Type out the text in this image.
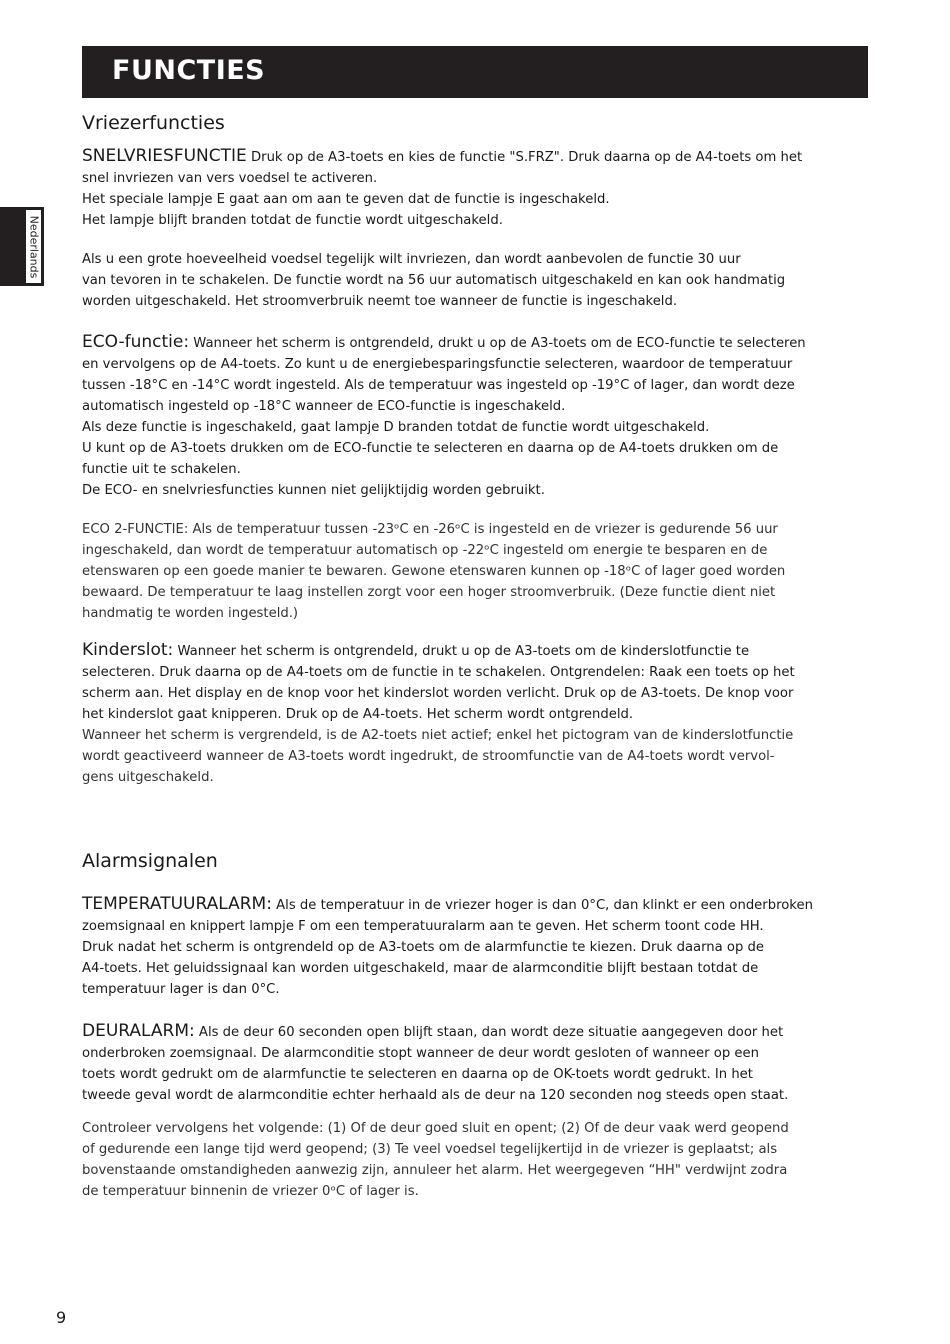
FUNCTIES
Nederlands
Vriezerfuncties

SNELVRIESFUNCTIE Druk op de A3-toets en kies de functie "S.FRZ". Druk daarna op de A4-toets om het

snel invriezen van vers voedsel te activeren.

Het speciale lampje E gaat aan om aan te geven dat de functie is ingeschakeld.

Het lampje blijft branden totdat de functie wordt uitgeschakeld.

Als u een grote hoeveelheid voedsel tegelijk wilt invriezen, dan wordt aanbevolen de functie 30 uur

van tevoren in te schakelen. De functie wordt na 56 uur automatisch uitgeschakeld en kan ook handmatig

worden uitgeschakeld. Het stroomverbruik neemt toe wanneer de functie is ingeschakeld.

ECO-functie: Wanneer het scherm is ontgrendeld, drukt u op de A3-toets om de ECO-functie te selecteren

en vervolgens op de A4-toets. Zo kunt u de energiebesparingsfunctie selecteren, waardoor de temperatuur

tussen -18°C en -14°C wordt ingesteld. Als de temperatuur was ingesteld op -19°C of lager, dan wordt deze

automatisch ingesteld op -18°C wanneer de ECO-functie is ingeschakeld.

Als deze functie is ingeschakeld, gaat lampje D branden totdat de functie wordt uitgeschakeld.

U kunt op de A3-toets drukken om de ECO-functie te selecteren en daarna op de A4-toets drukken om de

functie uit te schakelen.

De ECO- en snelvriesfuncties kunnen niet gelijktijdig worden gebruikt.

ECO 2-FUNCTIE: Als de temperatuur tussen -23ᵒC en -26ᵒC is ingesteld en de vriezer is gedurende 56 uur

ingeschakeld, dan wordt de temperatuur automatisch op -22ᵒC ingesteld om energie te besparen en de

etenswaren op een goede manier te bewaren. Gewone etenswaren kunnen op -18ᵒC of lager goed worden

bewaard. De temperatuur te laag instellen zorgt voor een hoger stroomverbruik. (Deze functie dient niet

handmatig te worden ingesteld.)

Kinderslot: Wanneer het scherm is ontgrendeld, drukt u op de A3-toets om de kinderslotfunctie te

selecteren. Druk daarna op de A4-toets om de functie in te schakelen. Ontgrendelen: Raak een toets op het

scherm aan. Het display en de knop voor het kinderslot worden verlicht. Druk op de A3-toets. De knop voor

het kinderslot gaat knipperen. Druk op de A4-toets. Het scherm wordt ontgrendeld.

Wanneer het scherm is vergrendeld, is de A2-toets niet actief; enkel het pictogram van de kinderslotfunctie

wordt geactiveerd wanneer de A3-toets wordt ingedrukt, de stroomfunctie van de A4-toets wordt vervol-

gens uitgeschakeld.

Alarmsignalen

TEMPERATUURALARM: Als de temperatuur in de vriezer hoger is dan 0°C, dan klinkt er een onderbroken

zoemsignaal en knippert lampje F om een temperatuuralarm aan te geven. Het scherm toont code HH.

Druk nadat het scherm is ontgrendeld op de A3-toets om de alarmfunctie te kiezen. Druk daarna op de

A4-toets. Het geluidssignaal kan worden uitgeschakeld, maar de alarmconditie blijft bestaan totdat de

temperatuur lager is dan 0°C.

DEURALARM: Als de deur 60 seconden open blijft staan, dan wordt deze situatie aangegeven door het

onderbroken zoemsignaal. De alarmconditie stopt wanneer de deur wordt gesloten of wanneer op een

toets wordt gedrukt om de alarmfunctie te selecteren en daarna op de OK-toets wordt gedrukt. In het

tweede geval wordt de alarmconditie echter herhaald als de deur na 120 seconden nog steeds open staat.

Controleer vervolgens het volgende: (1) Of de deur goed sluit en opent; (2) Of de deur vaak werd geopend

of gedurende een lange tijd werd geopend; (3) Te veel voedsel tegelijkertijd in de vriezer is geplaatst; als

bovenstaande omstandigheden aanwezig zijn, annuleer het alarm. Het weergegeven “HH" verdwijnt zodra

de temperatuur binnenin de vriezer 0ᵒC of lager is.

9
